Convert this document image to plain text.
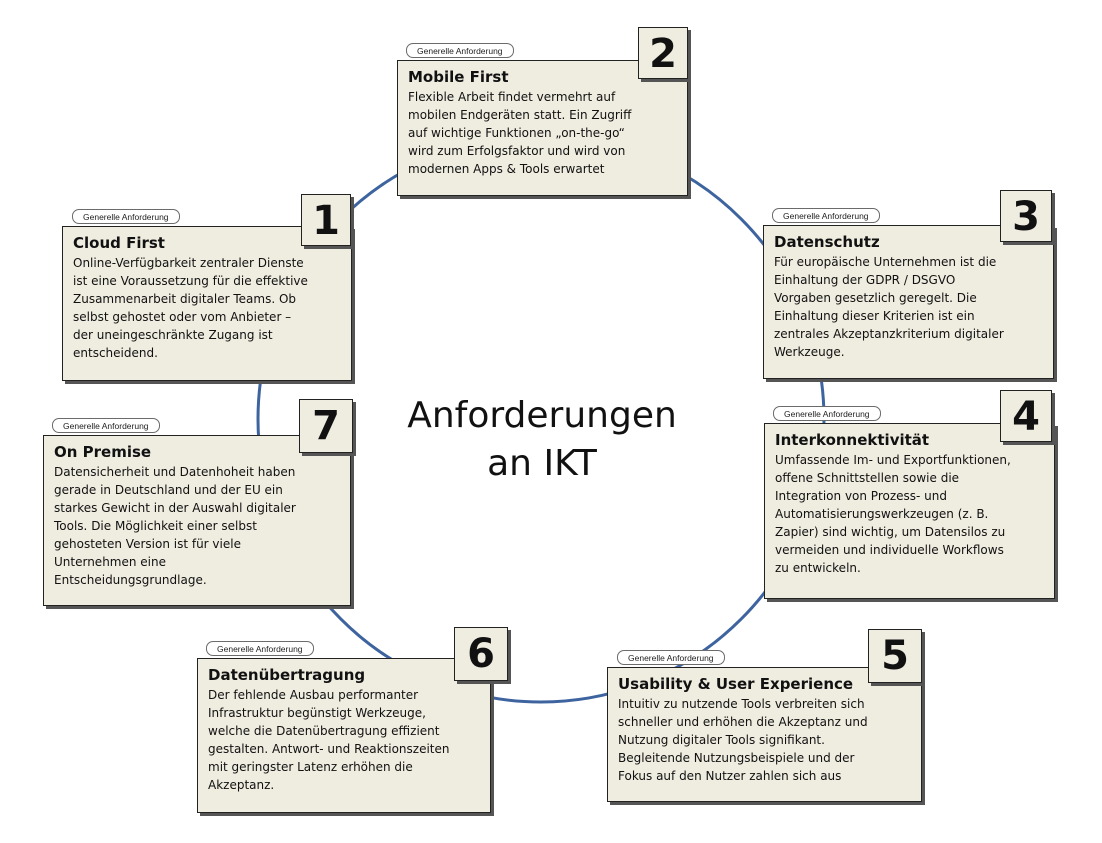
Anforderungen
an IKT
Generelle Anforderung
Cloud First
Online-Verfügbarkeit zentraler Dienste
ist eine Voraussetzung für die effektive
Zusammenarbeit digitaler Teams. Ob
selbst gehostet oder vom Anbieter –
der uneingeschränkte Zugang ist
entscheidend.
1
Generelle Anforderung
Mobile First
Flexible Arbeit findet vermehrt auf
mobilen Endgeräten statt. Ein Zugriff
auf wichtige Funktionen „on-the-go“
wird zum Erfolgsfaktor und wird von
modernen Apps & Tools erwartet
2
Generelle Anforderung
Datenschutz
Für europäische Unternehmen ist die
Einhaltung der GDPR / DSGVO
Vorgaben gesetzlich geregelt. Die
Einhaltung dieser Kriterien ist ein
zentrales Akzeptanzkriterium digitaler
Werkzeuge.
3
Generelle Anforderung
Interkonnektivität
Umfassende Im- und Exportfunktionen,
offene Schnittstellen sowie die
Integration von Prozess- und
Automatisierungswerkzeugen (z. B.
Zapier) sind wichtig, um Datensilos zu
vermeiden und individuelle Workflows
zu entwickeln.
4
Generelle Anforderung
Usability & User Experience
Intuitiv zu nutzende Tools verbreiten sich
schneller und erhöhen die Akzeptanz und
Nutzung digitaler Tools signifikant.
Begleitende Nutzungsbeispiele und der
Fokus auf den Nutzer zahlen sich aus
5
Generelle Anforderung
Datenübertragung
Der fehlende Ausbau performanter
Infrastruktur begünstigt Werkzeuge,
welche die Datenübertragung effizient
gestalten. Antwort- und Reaktionszeiten
mit geringster Latenz erhöhen die
Akzeptanz.
6
Generelle Anforderung
On Premise
Datensicherheit und Datenhoheit haben
gerade in Deutschland und der EU ein
starkes Gewicht in der Auswahl digitaler
Tools. Die Möglichkeit einer selbst
gehosteten Version ist für viele
Unternehmen eine
Entscheidungsgrundlage.
7
